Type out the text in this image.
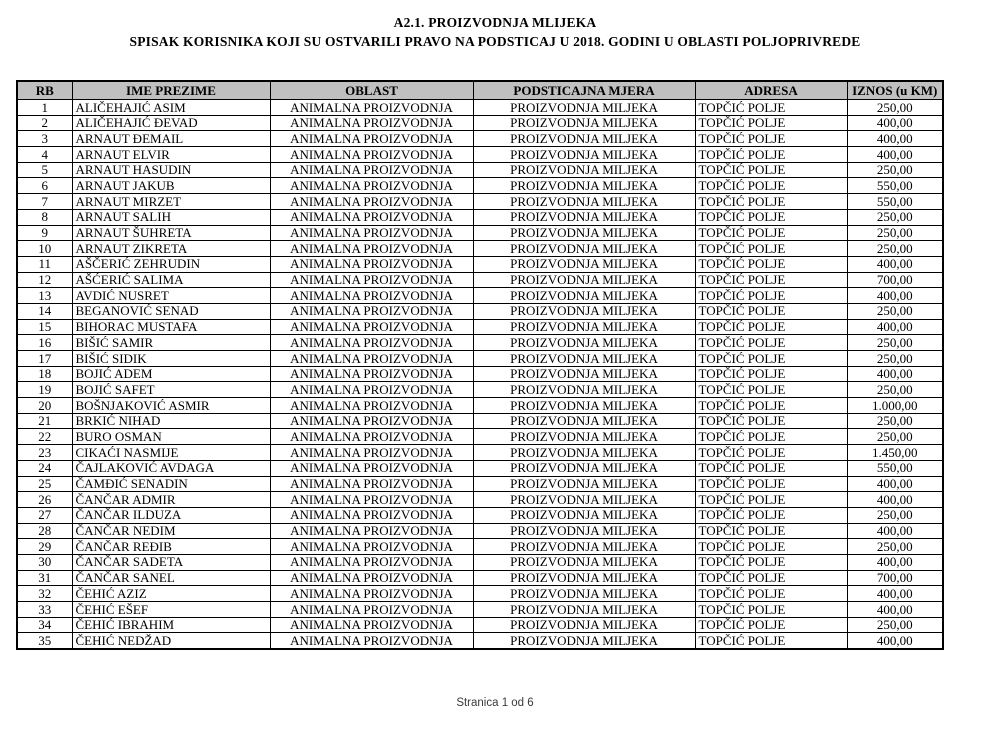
A2.1. PROIZVODNJA MLIJEKA
SPISAK KORISNIKA KOJI SU OSTVARILI PRAVO NA PODSTICAJ U 2018. GODINI U OBLASTI POLJOPRIVREDE
RB	IME PREZIME	OBLAST	PODSTICAJNA MJERA	ADRESA	IZNOS (u KM)
1	ALIČEHAJIĆ ASIM	ANIMALNA PROIZVODNJA	PROIZVODNJA MILJEKA	TOPČIĆ POLJE	250,00
2	ALIČEHAJIĆ ĐEVAD	ANIMALNA PROIZVODNJA	PROIZVODNJA MILJEKA	TOPČIĆ POLJE	400,00
3	ARNAUT ĐEMAIL	ANIMALNA PROIZVODNJA	PROIZVODNJA MILJEKA	TOPČIĆ POLJE	400,00
4	ARNAUT ELVIR	ANIMALNA PROIZVODNJA	PROIZVODNJA MILJEKA	TOPČIĆ POLJE	400,00
5	ARNAUT HASUDIN	ANIMALNA PROIZVODNJA	PROIZVODNJA MILJEKA	TOPČIĆ POLJE	250,00
6	ARNAUT JAKUB	ANIMALNA PROIZVODNJA	PROIZVODNJA MILJEKA	TOPČIĆ POLJE	550,00
7	ARNAUT MIRZET	ANIMALNA PROIZVODNJA	PROIZVODNJA MILJEKA	TOPČIĆ POLJE	550,00
8	ARNAUT SALIH	ANIMALNA PROIZVODNJA	PROIZVODNJA MILJEKA	TOPČIĆ POLJE	250,00
9	ARNAUT ŠUHRETA	ANIMALNA PROIZVODNJA	PROIZVODNJA MILJEKA	TOPČIĆ POLJE	250,00
10	ARNAUT ZIKRETA	ANIMALNA PROIZVODNJA	PROIZVODNJA MILJEKA	TOPČIĆ POLJE	250,00
11	AŠČERIĆ ZEHRUDIN	ANIMALNA PROIZVODNJA	PROIZVODNJA MILJEKA	TOPČIĆ POLJE	400,00
12	AŠĆERIĆ SALIMA	ANIMALNA PROIZVODNJA	PROIZVODNJA MILJEKA	TOPČIĆ POLJE	700,00
13	AVDIĆ NUSRET	ANIMALNA PROIZVODNJA	PROIZVODNJA MILJEKA	TOPČIĆ POLJE	400,00
14	BEGANOVIĆ SENAD	ANIMALNA PROIZVODNJA	PROIZVODNJA MILJEKA	TOPČIĆ POLJE	250,00
15	BIHORAC MUSTAFA	ANIMALNA PROIZVODNJA	PROIZVODNJA MILJEKA	TOPČIĆ POLJE	400,00
16	BIŠIĆ SAMIR	ANIMALNA PROIZVODNJA	PROIZVODNJA MILJEKA	TOPČIĆ POLJE	250,00
17	BIŠIĆ SIDIK	ANIMALNA PROIZVODNJA	PROIZVODNJA MILJEKA	TOPČIĆ POLJE	250,00
18	BOJIĆ ADEM	ANIMALNA PROIZVODNJA	PROIZVODNJA MILJEKA	TOPČIĆ POLJE	400,00
19	BOJIĆ SAFET	ANIMALNA PROIZVODNJA	PROIZVODNJA MILJEKA	TOPČIĆ POLJE	250,00
20	BOŠNJAKOVIĆ ASMIR	ANIMALNA PROIZVODNJA	PROIZVODNJA MILJEKA	TOPČIĆ POLJE	1.000,00
21	BRKIĆ NIHAD	ANIMALNA PROIZVODNJA	PROIZVODNJA MILJEKA	TOPČIĆ POLJE	250,00
22	BURO OSMAN	ANIMALNA PROIZVODNJA	PROIZVODNJA MILJEKA	TOPČIĆ POLJE	250,00
23	CIKAĆI NASMIJE	ANIMALNA PROIZVODNJA	PROIZVODNJA MILJEKA	TOPČIĆ POLJE	1.450,00
24	ČAJLAKOVIĆ AVDAGA	ANIMALNA PROIZVODNJA	PROIZVODNJA MILJEKA	TOPČIĆ POLJE	550,00
25	ČAMĐIĆ SENADIN	ANIMALNA PROIZVODNJA	PROIZVODNJA MILJEKA	TOPČIĆ POLJE	400,00
26	ČANČAR ADMIR	ANIMALNA PROIZVODNJA	PROIZVODNJA MILJEKA	TOPČIĆ POLJE	400,00
27	ČANČAR ILDUZA	ANIMALNA PROIZVODNJA	PROIZVODNJA MILJEKA	TOPČIĆ POLJE	250,00
28	ČANČAR NEDIM	ANIMALNA PROIZVODNJA	PROIZVODNJA MILJEKA	TOPČIĆ POLJE	400,00
29	ČANČAR REĐIB	ANIMALNA PROIZVODNJA	PROIZVODNJA MILJEKA	TOPČIĆ POLJE	250,00
30	ČANČAR SADETA	ANIMALNA PROIZVODNJA	PROIZVODNJA MILJEKA	TOPČIĆ POLJE	400,00
31	ČANČAR SANEL	ANIMALNA PROIZVODNJA	PROIZVODNJA MILJEKA	TOPČIĆ POLJE	700,00
32	ČEHIĆ AZIZ	ANIMALNA PROIZVODNJA	PROIZVODNJA MILJEKA	TOPČIĆ POLJE	400,00
33	ČEHIĆ EŠEF	ANIMALNA PROIZVODNJA	PROIZVODNJA MILJEKA	TOPČIĆ POLJE	400,00
34	ČEHIĆ IBRAHIM	ANIMALNA PROIZVODNJA	PROIZVODNJA MILJEKA	TOPČIĆ POLJE	250,00
35	ČEHIĆ NEDŽAD	ANIMALNA PROIZVODNJA	PROIZVODNJA MILJEKA	TOPČIĆ POLJE	400,00
Stranica 1 od 6
